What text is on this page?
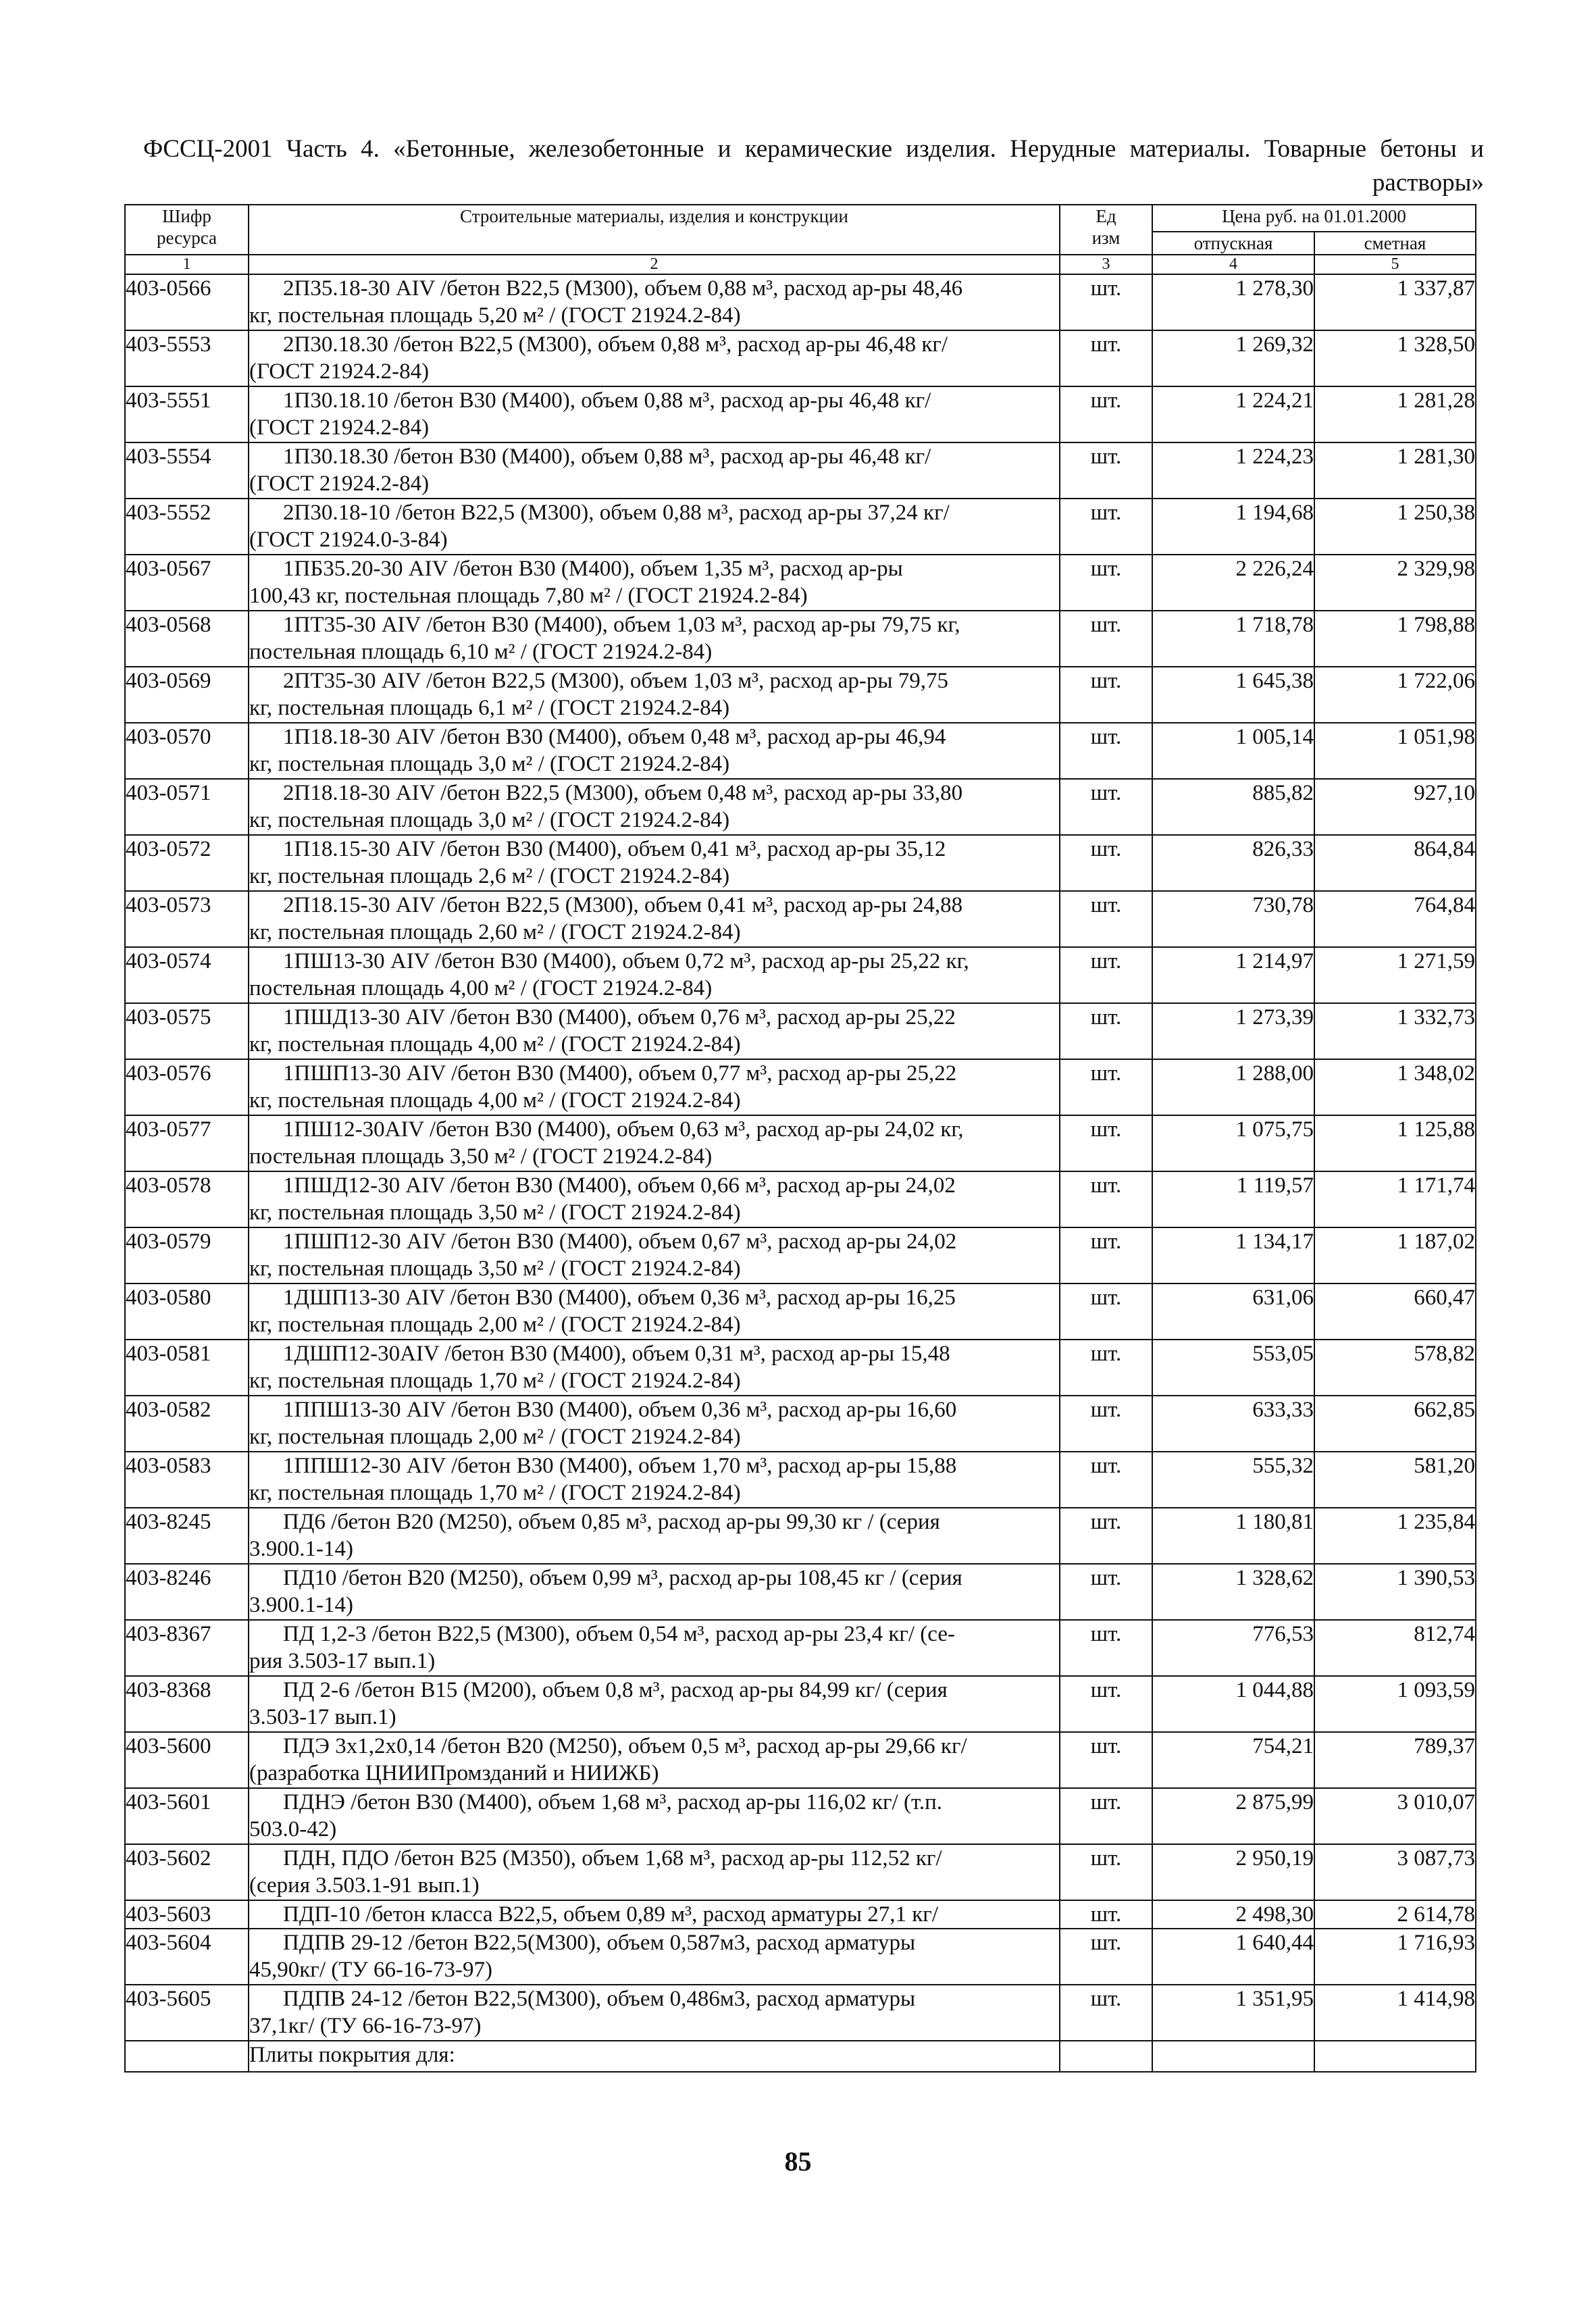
ФССЦ-2001 Часть 4. «Бетонные, железобетонные и керамические изделия. Нерудные материалы. Товарные бетоны и растворы»
Шифр
ресурса	Строительные материалы, изделия и конструкции	Ед
изм	Цена руб. на 01.01.2000	
			отпускная	сметная
1	2	3	4	5
403-0566	2П35.18-30 AIV /бетон В22,5 (М300), объем 0,88 м³, расход ар-ры 48,46
кг, постельная площадь 5,20 м² / (ГОСТ 21924.2-84)	шт.	1 278,30	1 337,87
403-5553	2П30.18.30 /бетон В22,5 (М300), объем 0,88 м³, расход ар-ры 46,48 кг/
(ГОСТ 21924.2-84)	шт.	1 269,32	1 328,50
403-5551	1П30.18.10 /бетон В30 (М400), объем 0,88 м³, расход ар-ры 46,48 кг/
(ГОСТ 21924.2-84)	шт.	1 224,21	1 281,28
403-5554	1П30.18.30 /бетон В30 (М400), объем 0,88 м³, расход ар-ры 46,48 кг/
(ГОСТ 21924.2-84)	шт.	1 224,23	1 281,30
403-5552	2П30.18-10 /бетон В22,5 (М300), объем 0,88 м³, расход ар-ры 37,24 кг/
(ГОСТ 21924.0-3-84)	шт.	1 194,68	1 250,38
403-0567	1ПБ35.20-30 AIV /бетон В30 (М400), объем 1,35 м³, расход ар-ры
100,43 кг, постельная площадь 7,80 м² / (ГОСТ 21924.2-84)	шт.	2 226,24	2 329,98
403-0568	1ПТ35-30 AIV /бетон В30 (М400), объем 1,03 м³, расход ар-ры 79,75 кг,
постельная площадь 6,10 м² / (ГОСТ 21924.2-84)	шт.	1 718,78	1 798,88
403-0569	2ПТ35-30 AIV /бетон В22,5 (М300), объем 1,03 м³, расход ар-ры 79,75
кг, постельная площадь 6,1 м² / (ГОСТ 21924.2-84)	шт.	1 645,38	1 722,06
403-0570	1П18.18-30 AIV /бетон В30 (М400), объем 0,48 м³, расход ар-ры 46,94
кг, постельная площадь 3,0 м² / (ГОСТ 21924.2-84)	шт.	1 005,14	1 051,98
403-0571	2П18.18-30 AIV /бетон В22,5 (М300), объем 0,48 м³, расход ар-ры 33,80
кг, постельная площадь 3,0 м² / (ГОСТ 21924.2-84)	шт.	885,82	927,10
403-0572	1П18.15-30 AIV /бетон В30 (М400), объем 0,41 м³, расход ар-ры 35,12
кг, постельная площадь 2,6 м² / (ГОСТ 21924.2-84)	шт.	826,33	864,84
403-0573	2П18.15-30 AIV /бетон В22,5 (М300), объем 0,41 м³, расход ар-ры 24,88
кг, постельная площадь 2,60 м² / (ГОСТ 21924.2-84)	шт.	730,78	764,84
403-0574	1ПШ13-30 AIV /бетон В30 (М400), объем 0,72 м³, расход ар-ры 25,22 кг,
постельная площадь 4,00 м² / (ГОСТ 21924.2-84)	шт.	1 214,97	1 271,59
403-0575	1ПШД13-30 AIV /бетон В30 (М400), объем 0,76 м³, расход ар-ры 25,22
кг, постельная площадь 4,00 м² / (ГОСТ 21924.2-84)	шт.	1 273,39	1 332,73
403-0576	1ПШП13-30 AIV /бетон В30 (М400), объем 0,77 м³, расход ар-ры 25,22
кг, постельная площадь 4,00 м² / (ГОСТ 21924.2-84)	шт.	1 288,00	1 348,02
403-0577	1ПШ12-30AIV /бетон В30 (М400), объем 0,63 м³, расход ар-ры 24,02 кг,
постельная площадь 3,50 м² / (ГОСТ 21924.2-84)	шт.	1 075,75	1 125,88
403-0578	1ПШД12-30 AIV /бетон В30 (М400), объем 0,66 м³, расход ар-ры 24,02
кг, постельная площадь 3,50 м² / (ГОСТ 21924.2-84)	шт.	1 119,57	1 171,74
403-0579	1ПШП12-30 AIV /бетон В30 (М400), объем 0,67 м³, расход ар-ры 24,02
кг, постельная площадь 3,50 м² / (ГОСТ 21924.2-84)	шт.	1 134,17	1 187,02
403-0580	1ДШП13-30 AIV /бетон В30 (М400), объем 0,36 м³, расход ар-ры 16,25
кг, постельная площадь 2,00 м² / (ГОСТ 21924.2-84)	шт.	631,06	660,47
403-0581	1ДШП12-30AIV /бетон В30 (М400), объем 0,31 м³, расход ар-ры 15,48
кг, постельная площадь 1,70 м² / (ГОСТ 21924.2-84)	шт.	553,05	578,82
403-0582	1ППШ13-30 AIV /бетон В30 (М400), объем 0,36 м³, расход ар-ры 16,60
кг, постельная площадь 2,00 м² / (ГОСТ 21924.2-84)	шт.	633,33	662,85
403-0583	1ППШ12-30 AIV /бетон В30 (М400), объем 1,70 м³, расход ар-ры 15,88
кг, постельная площадь 1,70 м² / (ГОСТ 21924.2-84)	шт.	555,32	581,20
403-8245	ПД6 /бетон В20 (М250), объем 0,85 м³, расход ар-ры 99,30 кг / (серия
3.900.1-14)	шт.	1 180,81	1 235,84
403-8246	ПД10 /бетон В20 (М250), объем 0,99 м³, расход ар-ры 108,45 кг / (серия
3.900.1-14)	шт.	1 328,62	1 390,53
403-8367	ПД 1,2-3 /бетон В22,5 (М300), объем 0,54 м³, расход ар-ры 23,4 кг/ (се-
рия 3.503-17 вып.1)	шт.	776,53	812,74
403-8368	ПД 2-6 /бетон В15 (М200), объем 0,8 м³, расход ар-ры 84,99 кг/ (серия
3.503-17 вып.1)	шт.	1 044,88	1 093,59
403-5600	ПДЭ 3х1,2х0,14 /бетон В20 (М250), объем 0,5 м³, расход ар-ры 29,66 кг/
(разработка ЦНИИПромзданий и НИИЖБ)	шт.	754,21	789,37
403-5601	ПДНЭ /бетон В30 (М400), объем 1,68 м³, расход ар-ры 116,02 кг/ (т.п.
503.0-42)	шт.	2 875,99	3 010,07
403-5602	ПДН, ПДО /бетон В25 (М350), объем 1,68 м³, расход ар-ры 112,52 кг/
(серия 3.503.1-91 вып.1)	шт.	2 950,19	3 087,73
403-5603	ПДП-10 /бетон класса В22,5, объем 0,89 м³, расход арматуры 27,1 кг/	шт.	2 498,30	2 614,78
403-5604	ПДПВ 29-12 /бетон В22,5(М300), объем 0,587м3, расход арматуры
45,90кг/ (ТУ 66-16-73-97)	шт.	1 640,44	1 716,93
403-5605	ПДПВ 24-12 /бетон В22,5(М300), объем 0,486м3, расход арматуры
37,1кг/ (ТУ 66-16-73-97)	шт.	1 351,95	1 414,98
	Плиты покрытия для:			
85
